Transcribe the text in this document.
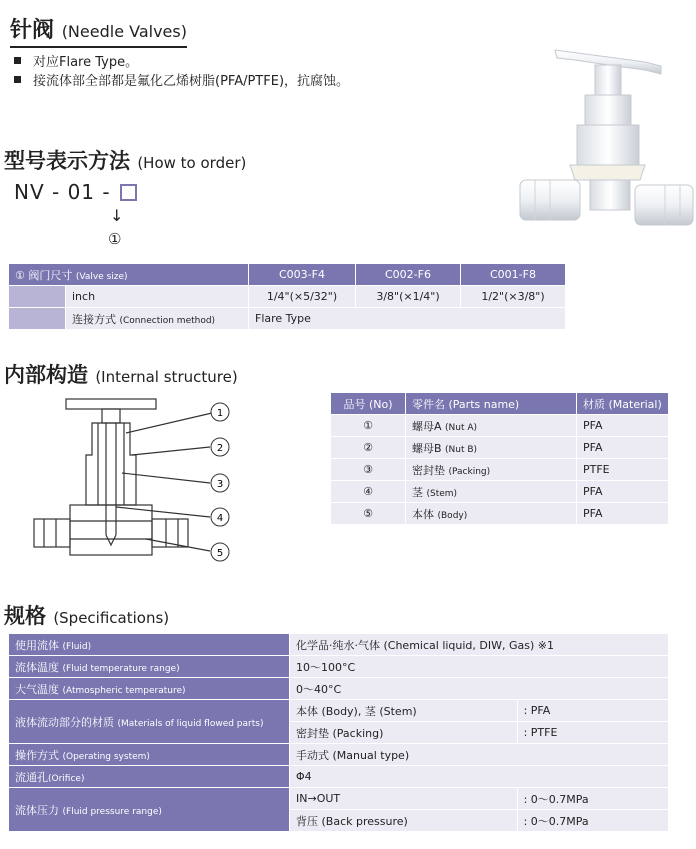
针阀 (Needle Valves)
对应Flare Type。
接流体部全部都是氟化乙烯树脂(PFA/PTFE)，抗腐蚀。
型号表示方法 (How to order)
NV - 01 -
↓
①
① 阀门尺寸 (Valve size)		C003-F4	C002-F6	C001-F8
	inch	1/4"(×5/32")	3/8"(×1/4")	1/2"(×3/8")
	连接方式 (Connection method)	Flare Type		
内部构造 (Internal structure)
1
2
3
4
5
品号 (No)	零件名 (Parts name)	材质 (Material)
①	螺母A (Nut A)	PFA
②	螺母B (Nut B)	PFA
③	密封垫 (Packing)	PTFE
④	茎 (Stem)	PFA
⑤	本体 (Body)	PFA
规格 (Specifications)
使用流体 (Fluid)	化学品·纯水·气体 (Chemical liquid, DIW, Gas) ※1	
流体温度 (Fluid temperature range)	10～100°C	
大气温度 (Atmospheric temperature)	0～40°C	
液体流动部分的材质 (Materials of liquid flowed parts)	本体 (Body), 茎 (Stem)	: PFA
	密封垫 (Packing)	: PTFE
操作方式 (Operating system)	手动式 (Manual type)	
流通孔(Orifice)	Φ4	
流体压力 (Fluid pressure range)	IN→OUT	: 0～0.7MPa
	背压 (Back pressure)	: 0～0.7MPa
